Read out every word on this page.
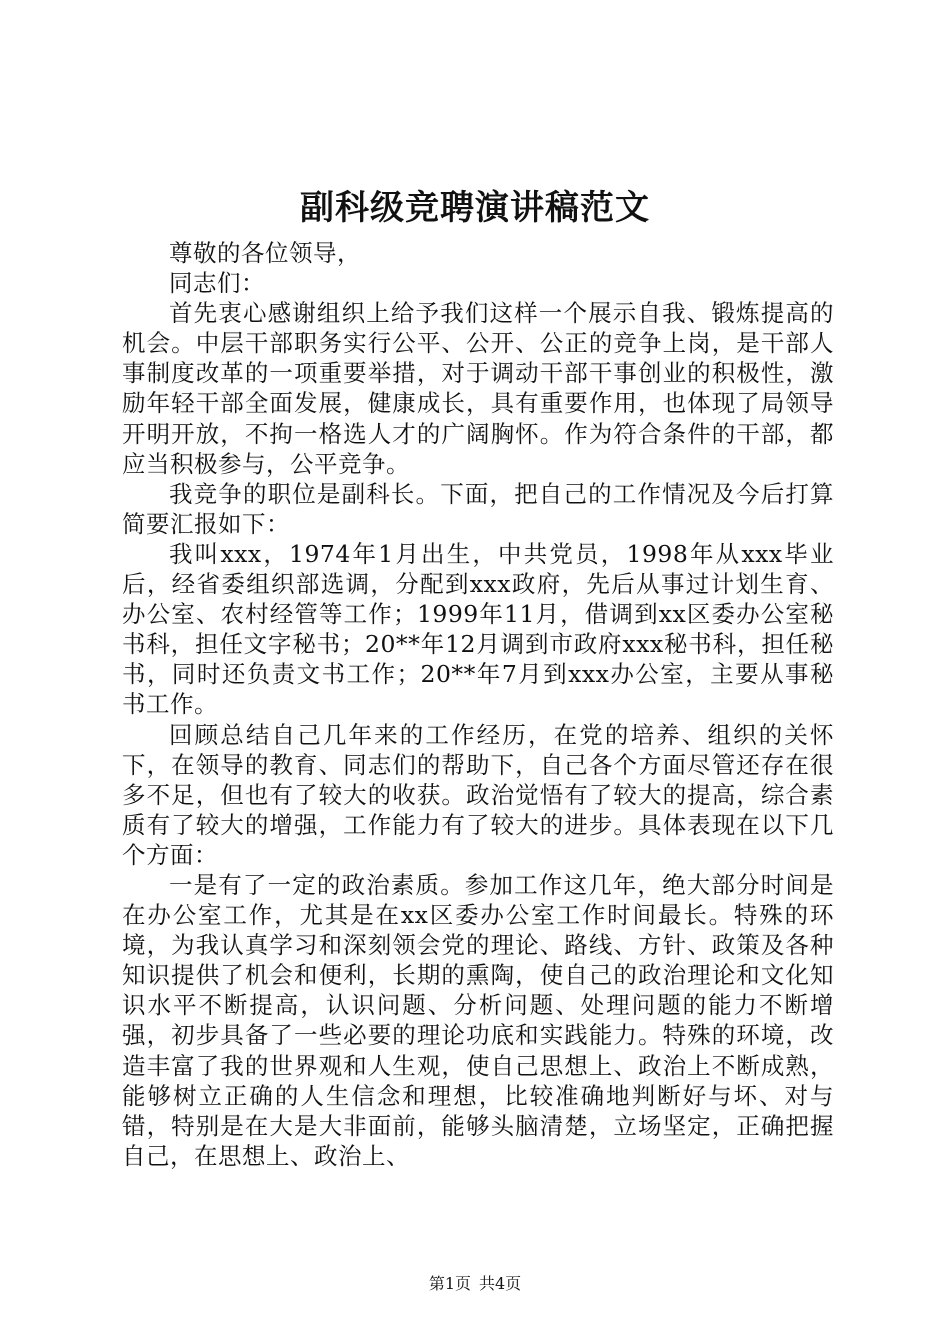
副科级竞聘演讲稿范文

尊敬的各位领导，

同志们：

首先衷心感谢组织上给予我们这样一个展示自我、锻炼提高的机会。中层干部职务实行公平、公开、公正的竞争上岗，是干部人事制度改革的一项重要举措，对于调动干部干事创业的积极性，激励年轻干部全面发展，健康成长，具有重要作用，也体现了局领导开明开放，不拘一格选人才的广阔胸怀。作为符合条件的干部，都应当积极参与，公平竞争。

我竞争的职位是副科长。下面，把自己的工作情况及今后打算简要汇报如下：

我叫xxx，1974年1月出生，中共党员，1998年从xxx毕业后，经省委组织部选调，分配到xxx政府，先后从事过计划生育、办公室、农村经管等工作；1999年11月，借调到xx区委办公室秘书科，担任文字秘书；20**年12月调到市政府xxx秘书科，担任秘书，同时还负责文书工作；20**年7月到xxx办公室，主要从事秘书工作。

回顾总结自己几年来的工作经历，在党的培养、组织的关怀下，在领导的教育、同志们的帮助下，自己各个方面尽管还存在很多不足，但也有了较大的收获。政治觉悟有了较大的提高，综合素质有了较大的增强，工作能力有了较大的进步。具体表现在以下几个方面：

一是有了一定的政治素质。参加工作这几年，绝大部分时间是在办公室工作，尤其是在xx区委办公室工作时间最长。特殊的环境，为我认真学习和深刻领会党的理论、路线、方针、政策及各种知识提供了机会和便利，长期的熏陶，使自己的政治理论和文化知识水平不断提高，认识问题、分析问题、处理问题的能力不断增强，初步具备了一些必要的理论功底和实践能力。特殊的环境，改造丰富了我的世界观和人生观，使自己思想上、政治上不断成熟，能够树立正确的人生信念和理想，比较准确地判断好与坏、对与错，特别是在大是大非面前，能够头脑清楚，立场坚定，正确把握自己，在思想上、政治上、

第1页 共4页
